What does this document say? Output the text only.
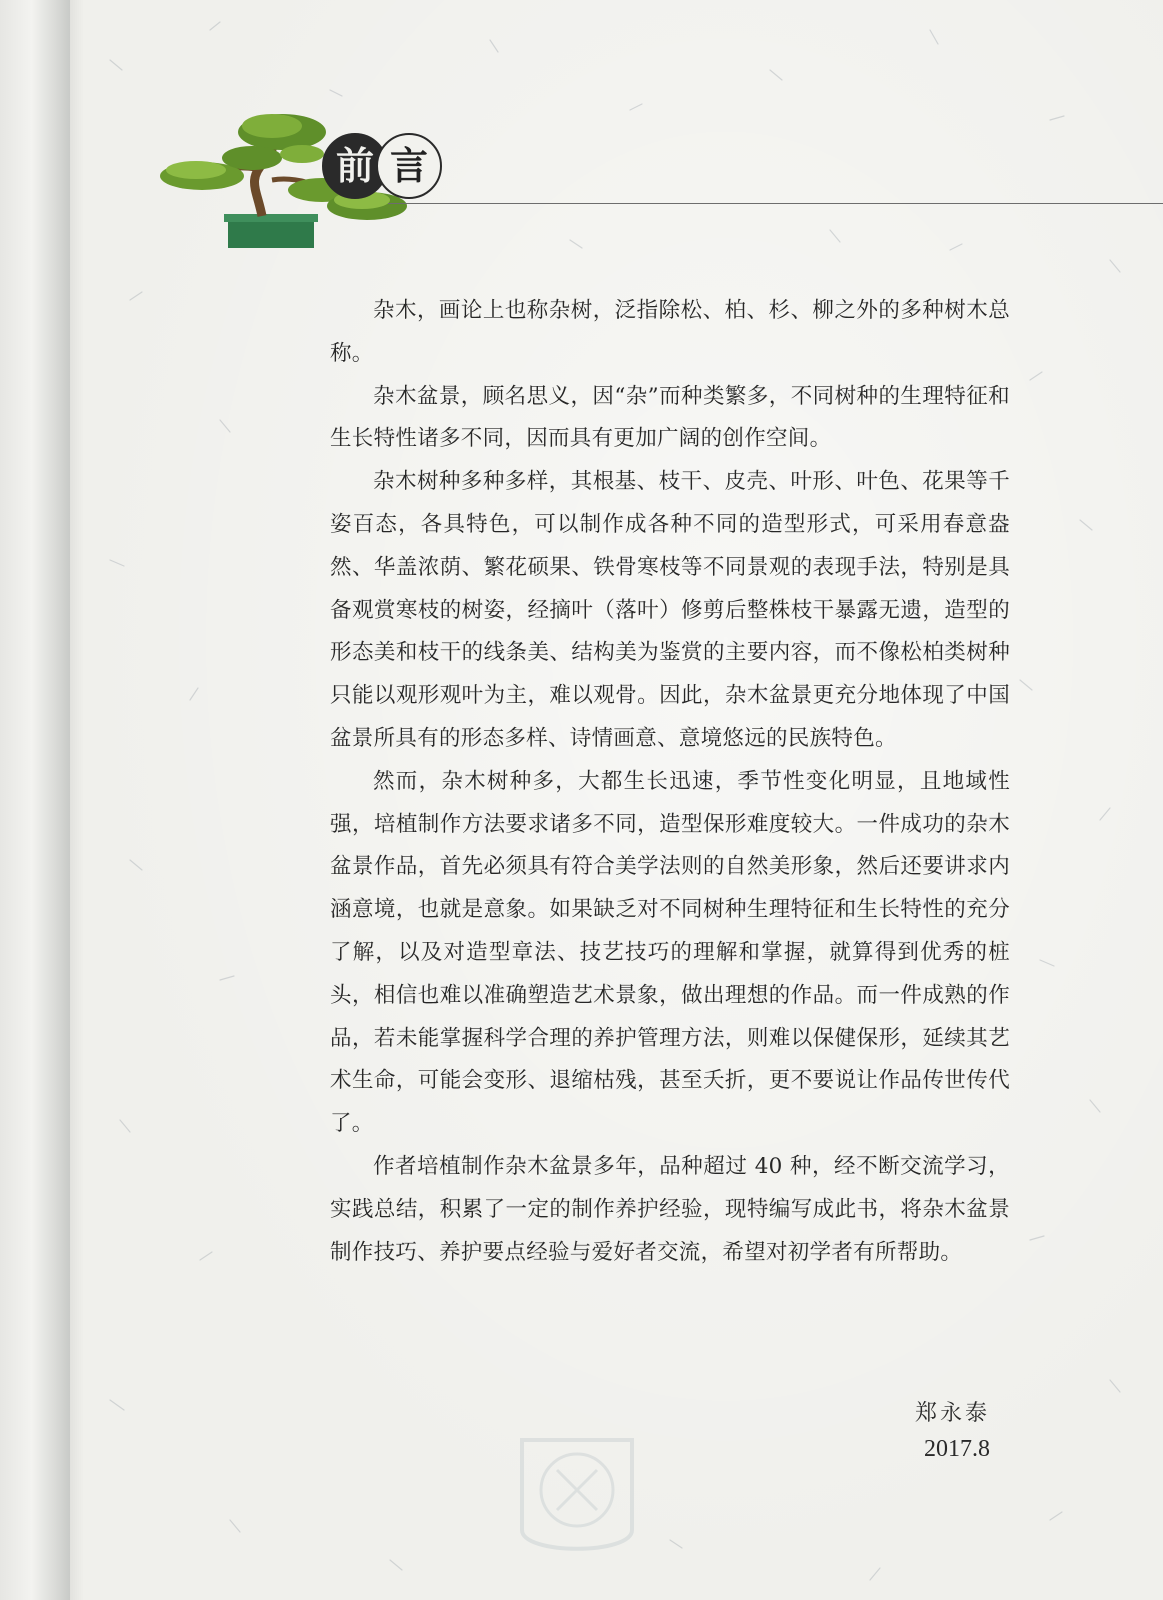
前 言

杂木，画论上也称杂树，泛指除松、柏、杉、柳之外的多种树木总称。

杂木盆景，顾名思义，因“杂”而种类繁多，不同树种的生理特征和生长特性诸多不同，因而具有更加广阔的创作空间。

杂木树种多种多样，其根基、枝干、皮壳、叶形、叶色、花果等千姿百态，各具特色，可以制作成各种不同的造型形式，可采用春意盎然、华盖浓荫、繁花硕果、铁骨寒枝等不同景观的表现手法，特别是具备观赏寒枝的树姿，经摘叶（落叶）修剪后整株枝干暴露无遗，造型的形态美和枝干的线条美、结构美为鉴赏的主要内容，而不像松柏类树种只能以观形观叶为主，难以观骨。因此，杂木盆景更充分地体现了中国盆景所具有的形态多样、诗情画意、意境悠远的民族特色。

然而，杂木树种多，大都生长迅速，季节性变化明显，且地域性强，培植制作方法要求诸多不同，造型保形难度较大。一件成功的杂木盆景作品，首先必须具有符合美学法则的自然美形象，然后还要讲求内涵意境，也就是意象。如果缺乏对不同树种生理特征和生长特性的充分了解，以及对造型章法、技艺技巧的理解和掌握，就算得到优秀的桩头，相信也难以准确塑造艺术景象，做出理想的作品。而一件成熟的作品，若未能掌握科学合理的养护管理方法，则难以保健保形，延续其艺术生命，可能会变形、退缩枯残，甚至夭折，更不要说让作品传世传代了。

作者培植制作杂木盆景多年，品种超过 40 种，经不断交流学习，实践总结，积累了一定的制作养护经验，现特编写成此书，将杂木盆景制作技巧、养护要点经验与爱好者交流，希望对初学者有所帮助。

郑永泰
2017.8
